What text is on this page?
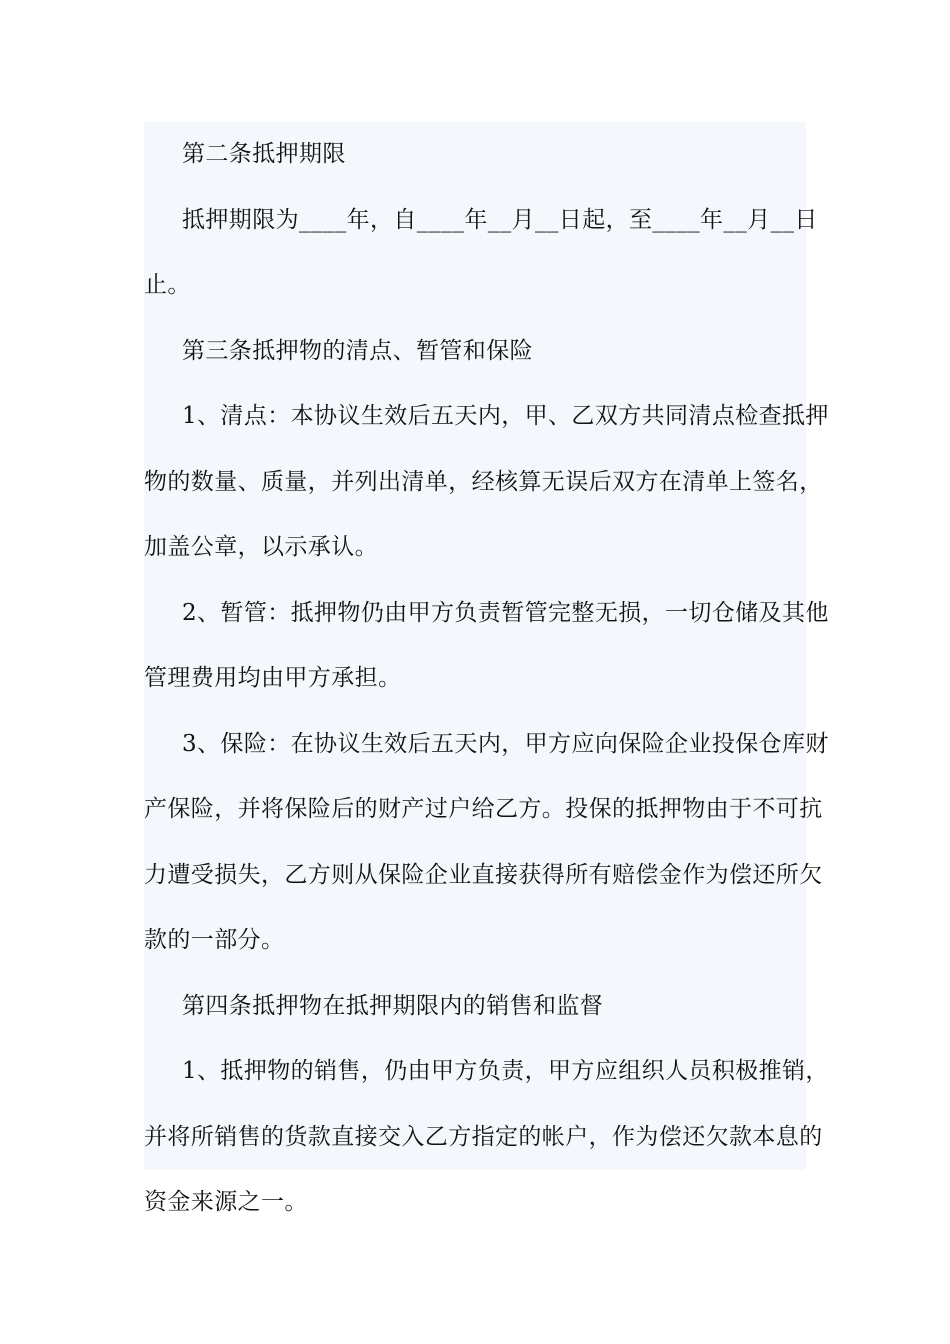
第二条抵押期限
抵押期限为____年，自____年__月__日起，至____年__月__日
止。
第三条抵押物的清点、暂管和保险
1、清点：本协议生效后五天内，甲、乙双方共同清点检查抵押
物的数量、质量，并列出清单，经核算无误后双方在清单上签名，
加盖公章，以示承认。
2、暂管：抵押物仍由甲方负责暂管完整无损，一切仓储及其他
管理费用均由甲方承担。
3、保险：在协议生效后五天内，甲方应向保险企业投保仓库财
产保险，并将保险后的财产过户给乙方。投保的抵押物由于不可抗
力遭受损失，乙方则从保险企业直接获得所有赔偿金作为偿还所欠
款的一部分。
第四条抵押物在抵押期限内的销售和监督
1、抵押物的销售，仍由甲方负责，甲方应组织人员积极推销，
并将所销售的货款直接交入乙方指定的帐户，作为偿还欠款本息的
资金来源之一。
